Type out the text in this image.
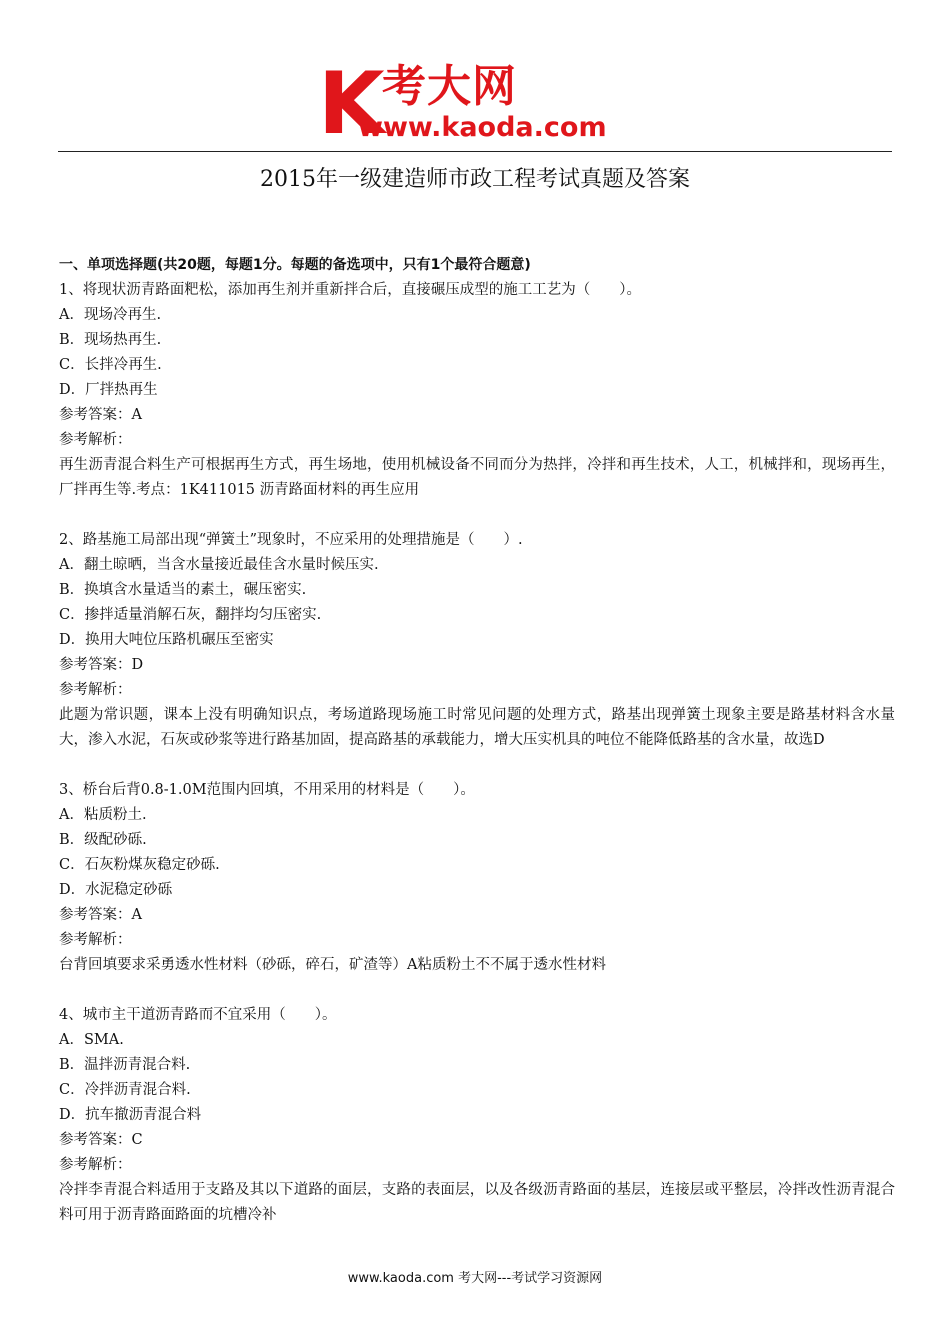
K 考大网
www.kaoda.com
2015年一级建造师市政工程考试真题及答案
一、单项选择题(共20题，每题1分。每题的备选项中，只有1个最符合题意)
1、将现状沥青路面粑松，添加再生剂并重新拌合后，直接碾压成型的施工工艺为（　　）。
A．现场冷再生.
B．现场热再生.
C．长拌冷再生.
D．厂拌热再生
参考答案：A
参考解析：
再生沥青混合料生产可根据再生方式，再生场地，使用机械设备不同而分为热拌，冷拌和再生技术，人工，机械拌和，现场再生，厂拌再生等.考点：1K411015 沥青路面材料的再生应用
2、路基施工局部出现“弹簧土”现象时，不应采用的处理措施是（　　）.
A．翻土晾晒，当含水量接近最佳含水量时候压实.
B．换填含水量适当的素土，碾压密实.
C．掺拌适量消解石灰，翻拌均匀压密实.
D．换用大吨位压路机碾压至密实
参考答案：D
参考解析：
此题为常识题，课本上没有明确知识点，考场道路现场施工时常见问题的处理方式，路基出现弹簧土现象主要是路基材料含水量大，渗入水泥，石灰或砂浆等进行路基加固，提高路基的承载能力，增大压实机具的吨位不能降低路基的含水量，故选D
3、桥台后背0.8-1.0M范围内回填，不用采用的材料是（　　）。
A．粘质粉土.
B．级配砂砾.
C．石灰粉煤灰稳定砂砾.
D．水泥稳定砂砾
参考答案：A
参考解析：
台背回填要求采勇透水性材料（砂砾，碎石，矿渣等）A粘质粉土不不属于透水性材料
4、城市主干道沥青路而不宜采用（　　）。
A．SMA.
B．温拌沥青混合料.
C．冷拌沥青混合料.
D．抗车撤沥青混合料
参考答案：C
参考解析：
冷拌李青混合料适用于支路及其以下道路的面层，支路的表面层，以及各级沥青路面的基层，连接层或平整层，冷拌改性沥青混合料可用于沥青路面路面的坑槽冷补
www.kaoda.com 考大网---考试学习资源网
